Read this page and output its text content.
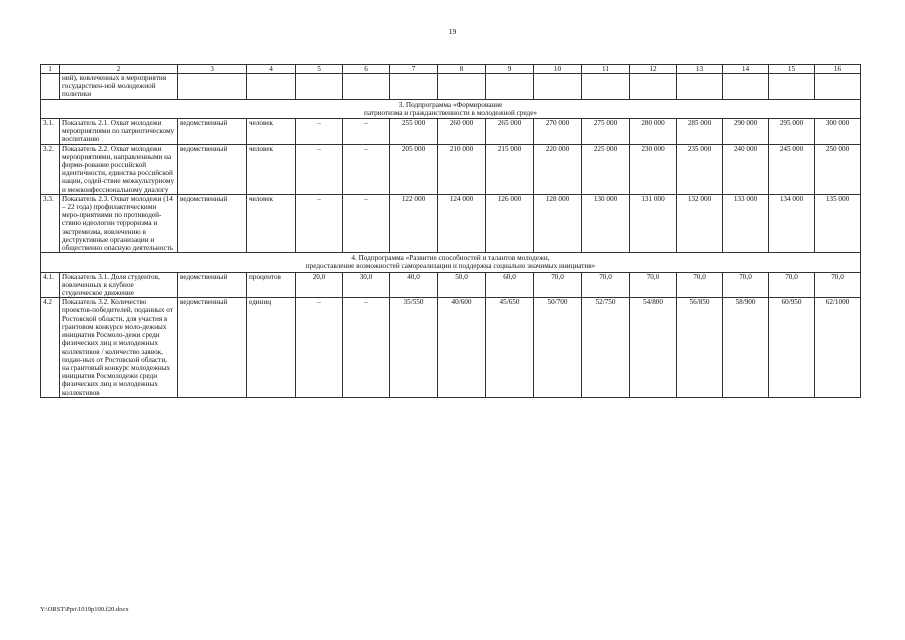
19
1	2	3	4	5	6	7	8	9	10	11	12	13	14	15	16
	ний), вовлеченных в мероприятия государствен-ной молодежной политики														

3. Подпрограмма «Формирование
патриотизма и гражданственности в молодежной среде»															

3.1.	Показатель 2.1. Охват молодежи мероприятиями по патриотическому воспитанию	ведомственный	человек	–	–	255 000	260 000	265 000	270 000	275 000	280 000	285 000	290 000	295 000	300 000
3.2.	Показатель 2.2. Охват молодежи мероприятиями, направленными на форми-рование российской идентичности, единства российской нации, содей-ствие межкультурному и межконфессиональному диалогу	ведомственный	человек	–	–	205 000	210 000	215 000	220 000	225 000	230 000	235 000	240 000	245 000	250 000
3.3.	Показатель 2.3. Охват молодежи (14 – 22 года) профилактическими меро-приятиями по противодей-ствию идеологии терроризма и экстремизма, вовлечению в деструктивные организации и общественно опасную деятельность	ведомственный	человек	–	–	122 000	124 000	126 000	128 000	130 000	131 000	132 000	133 000	134 000	135 000

4. Подпрограмма «Развитие способностей и талантов молодежи,
предоставление возможностей самореализации и поддержка социально значимых инициатив»															

4.1.	Показатель 3.1. Доля студентов, вовлеченных в клубное студенческое движение	ведомственный	процентов	20,0	30,0	40,0	50,0	60,0	70,0	70,0	70,0	70,0	70,0	70,0	70,0
4.2	Показатель 3.2. Количество проектов-победителей, поданных от Ростовской области, для участия в грантовом конкурсе моло-дежных инициатив Росмоло-дежи среди физических лиц и молодежных коллективов / количество заявок, подан-ных от Ростовской области, на грантовый конкурс молодежных инициатив Росмолодежи среди физических лиц и молодежных коллективов	ведомственный	единиц	–	–	35/550	40/600	45/650	50/700	52/750	54/800	56/850	58/900	60/950	62/1000
Y:\ORST\Ppo\1019p100.f20.docx
